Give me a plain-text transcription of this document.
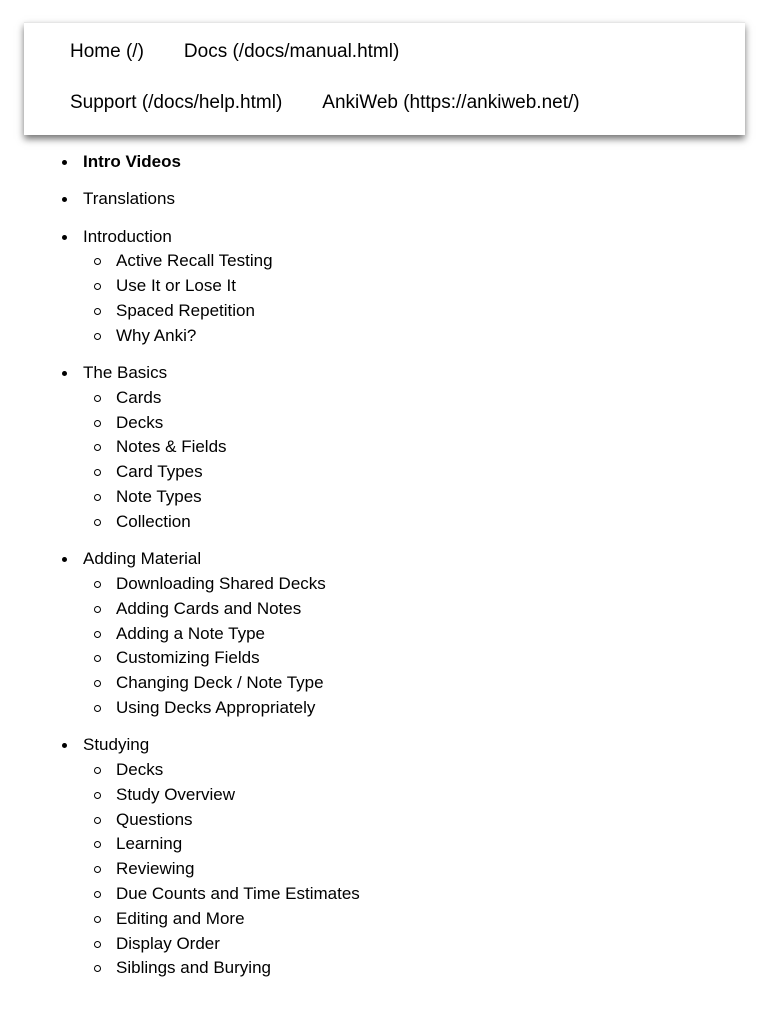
Home (/) Docs (/docs/manual.html)
Support (/docs/help.html) AnkiWeb (https://ankiweb.net/)
Intro Videos
Translations
Introduction
Active Recall Testing
Use It or Lose It
Spaced Repetition
Why Anki?
The Basics
Cards
Decks
Notes & Fields
Card Types
Note Types
Collection
Adding Material
Downloading Shared Decks
Adding Cards and Notes
Adding a Note Type
Customizing Fields
Changing Deck / Note Type
Using Decks Appropriately
Studying
Decks
Study Overview
Questions
Learning
Reviewing
Due Counts and Time Estimates
Editing and More
Display Order
Siblings and Burying
